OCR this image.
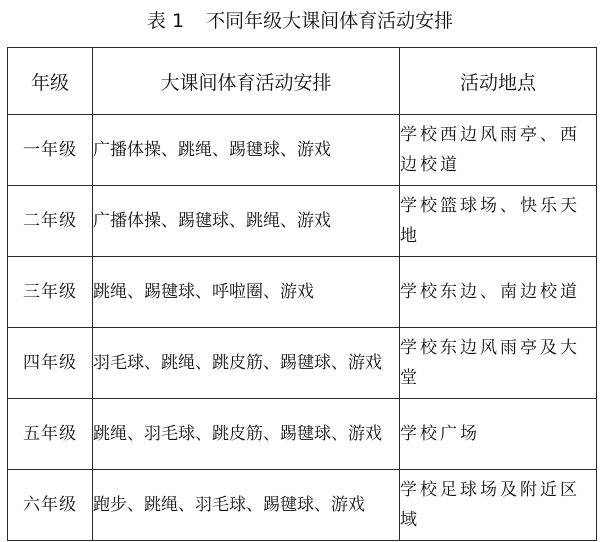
表 1 不同年级大课间体育活动安排
年级	大课间体育活动安排	活动地点
一年级	广播体操、跳绳、踢毽球、游戏	学校西边风雨亭、西边校道
二年级	广播体操、踢毽球、跳绳、游戏	学校篮球场、快乐天地
三年级	跳绳、踢毽球、呼啦圈、游戏	学校东边、南边校道
四年级	羽毛球、跳绳、跳皮筋、踢毽球、游戏	学校东边风雨亭及大堂
五年级	跳绳、羽毛球、跳皮筋、踢毽球、游戏	学校广场
六年级	跑步、跳绳、羽毛球、踢毽球、游戏	学校足球场及附近区域
